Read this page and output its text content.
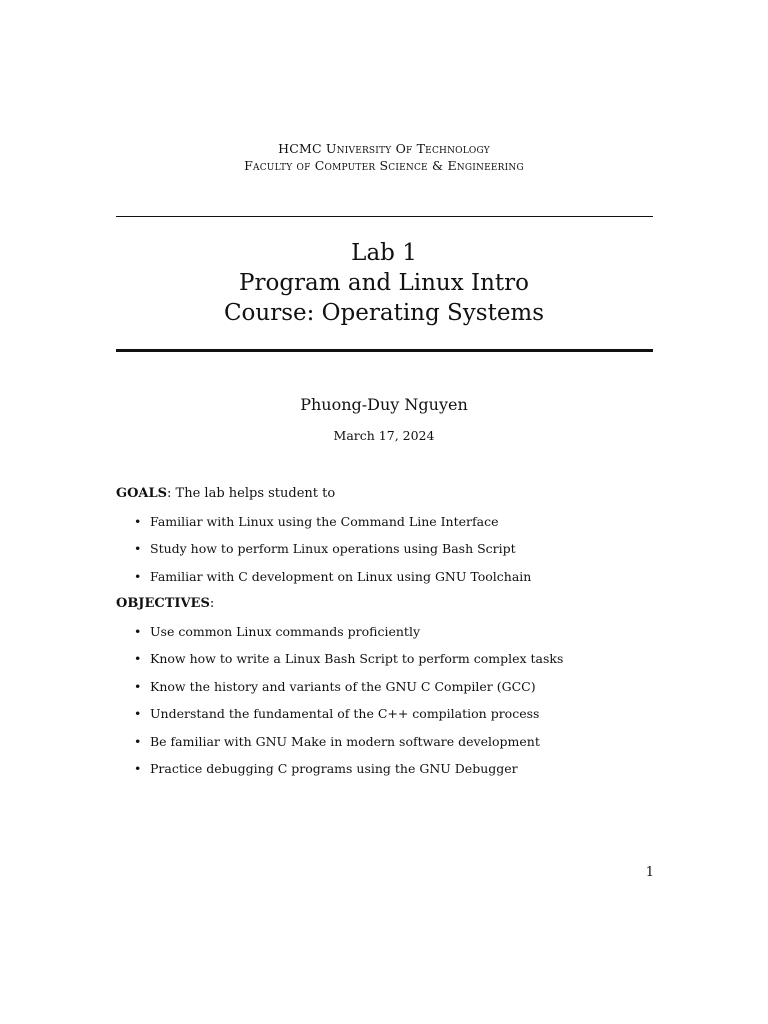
HCMC University Of Technology
Faculty of Computer Science & Engineering
Lab 1
Program and Linux Intro
Course: Operating Systems
Phuong-Duy Nguyen
March 17, 2024
GOALS: The lab helps student to
• Familiar with Linux using the Command Line Interface
• Study how to perform Linux operations using Bash Script
• Familiar with C development on Linux using GNU Toolchain
OBJECTIVES:
• Use common Linux commands proficiently
• Know how to write a Linux Bash Script to perform complex tasks
• Know the history and variants of the GNU C Compiler (GCC)
• Understand the fundamental of the C++ compilation process
• Be familiar with GNU Make in modern software development
• Practice debugging C programs using the GNU Debugger
1
